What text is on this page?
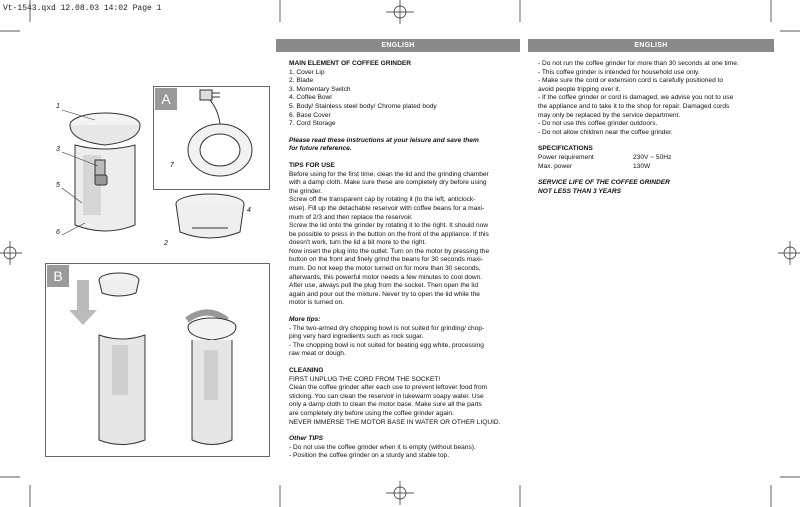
Vt-1543.qxd 12.08.03 14:02 Page 1
ENGLISH	ENGLISH
1
3
5
6
A
7
2
4
B

MAIN ELEMENT OF COFFEE GRINDER

1. Cover Lip

2. Blade

3. Momentary Switch

4. Coffee Bowl

5. Body/ Stainless steel body/ Chrome plated body

6. Base Cover

7. Cord Storage

Please read these instructions at your leisure and save them

for future reference.

TIPS FOR USE

Before using for the first time, clean the lid and the grinding chamber

with a damp cloth. Make sure these are completely dry before using

the grinder.

Screw off the transparent cap by rotating it (to the left, anticlock-

wise). Fill up the detachable reservoir with coffee beans for a maxi-

mum of 2/3 and then replace the reservoir.

Screw the lid onto the grinder by rotating it to the right. It should now

be possible to press in the button on the front of the appliance. If this

doesn't work, turn the lid a bit more to the right.

Now insert the plug into the outlet. Turn on the motor by pressing the

button on the front and finely grind the beans for 30 seconds maxi-

mum. Do not keep the motor turned on for more than 30 seconds,

afterwards, this powerful motor needs a few minutes to cool down.

After use, always pull the plug from the socket. Then open the lid

again and pour out the mixture. Never try to open the lid while the

motor is turned on.

More tips:

- The two-armed dry chopping bowl is not suited for grinding/ chop-

ping very hard ingredients such as rock sugar.

- The chopping bowl is not suited for beating egg white, processing

raw meat or dough.

CLEANING

FIRST UNPLUG THE CORD FROM THE SOCKET!

Clean the coffee grinder after each use to prevent leftover food from

sticking. You can clean the reservoir in lukewarm soapy water. Use

only a damp cloth to clean the motor base. Make sure all the parts

are completely dry before using the coffee grinder again.

NEVER IMMERSE THE MOTOR BASE IN WATER OR OTHER LIQUID.

Other TIPS

- Do not use the coffee grinder when it is empty (without beans).

- Position the coffee grinder on a sturdy and stable top.

- Do not run the coffee grinder for more than 30 seconds at one time.

- This coffee grinder is intended for household use only.

- Make sure the cord or extension cord is carefully positioned to

avoid people tripping over it.

- If the coffee grinder or cord is damaged, we advise you not to use

the appliance and to take it to the shop for repair. Damaged cords

may only be replaced by the service department.

- Do not use this coffee grinder outdoors.

- Do not allow children near the coffee grinder.

SPECIFICATIONS

Power requirement	230V ~ 50Hz
Max. power	130W

SERVICE LIFE OF THE COFFEE GRINDER

NOT LESS THAN 3 YEARS
